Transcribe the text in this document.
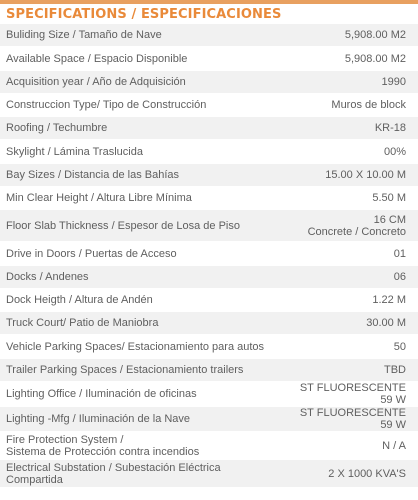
SPECIFICATIONS / ESPECIFICACIONES
Buliding Size / Tamaño de Nave	5,908.00 M2
Available Space / Espacio Disponible	5,908.00 M2
Acquisition year / Año de Adquisición	1990
Construccion Type/ Tipo de Construcción	Muros de block
Roofing / Techumbre	KR-18
Skylight / Lámina Traslucida	00%
Bay Sizes / Distancia de las Bahías	15.00 X 10.00 M
Min Clear Height / Altura Libre Mínima	5.50 M
Floor Slab Thickness / Espesor de Losa de Piso	16 CM
Concrete / Concreto
Drive in Doors / Puertas de Acceso	01
Docks / Andenes	06
Dock Heigth / Altura de Andén	1.22 M
Truck Court/ Patio de Maniobra	30.00 M
Vehicle Parking Spaces/ Estacionamiento para autos	50
Trailer Parking Spaces / Estacionamiento trailers	TBD
Lighting Office / Iluminación de oficinas	ST FLUORESCENTE 59 W
Lighting -Mfg / Iluminación de la Nave	ST FLUORESCENTE 59 W
Fire Protection System /
Sistema de Protección contra incendios	N / A
Electrical Substation / Subestación Eléctrica
Compartida	2 X 1000 KVA'S
